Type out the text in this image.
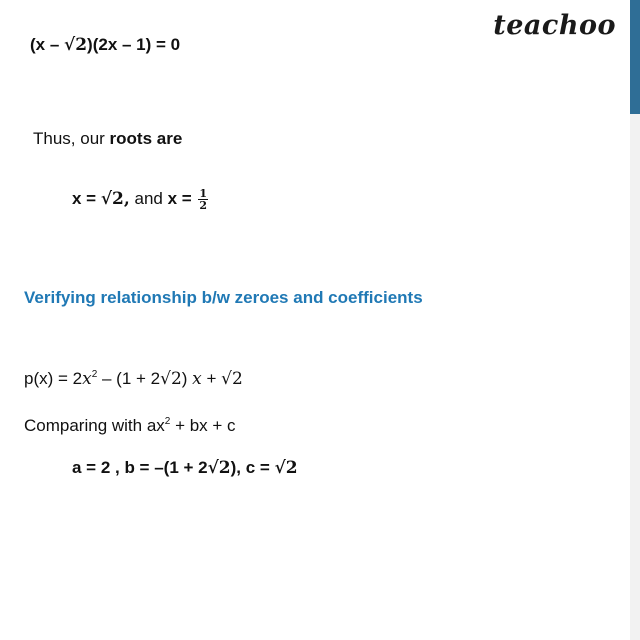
teachoo
(x – √2)(2x – 1) = 0
Thus, our roots are
x = √2, and $x = \frac{1}{2}$
Verifying relationship b/w zeroes and coefficients
$p(x) = 2x^2 - (1 + 2√2) x + √2$
Comparing with $ax^2$ + bx + c
a = 2 , b = –(1 + 2√2), c = √2
